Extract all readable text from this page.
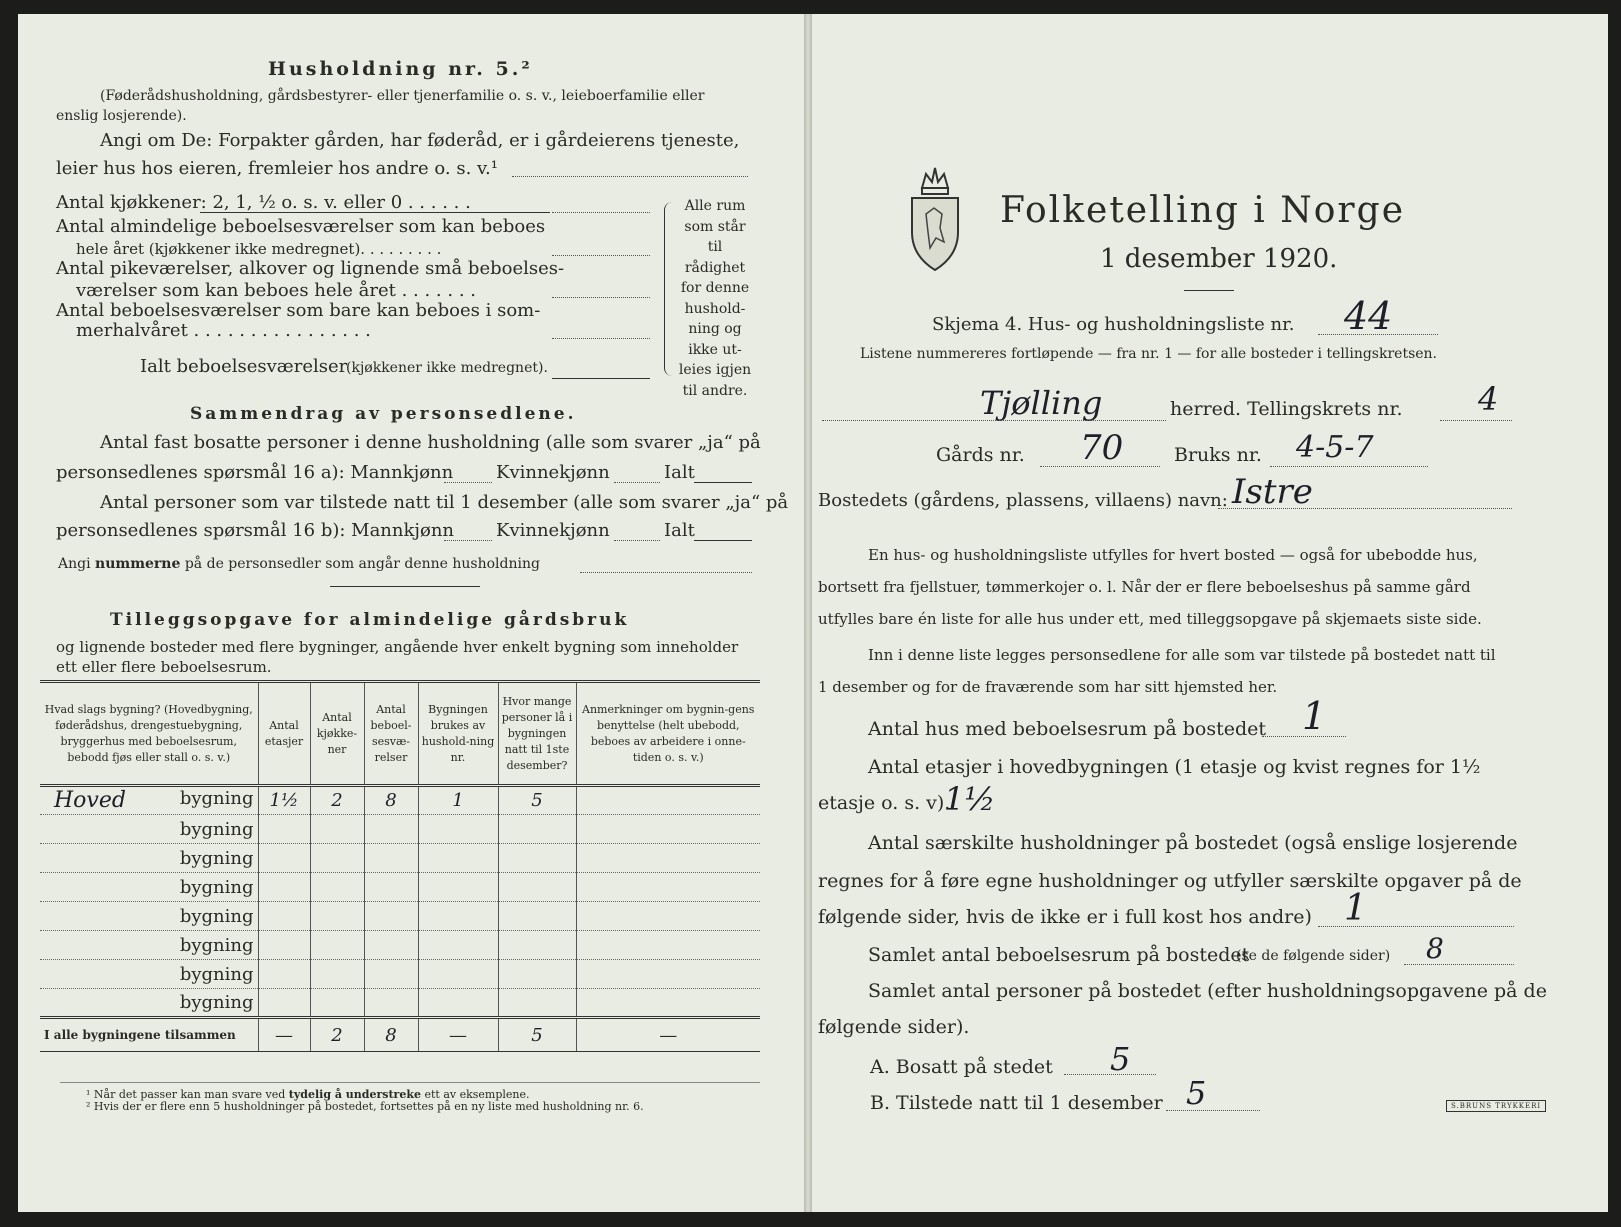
Husholdning nr. 5.²
(Føderådshusholdning, gårdsbestyrer- eller tjenerfamilie o. s. v., leieboerfamilie eller
enslig losjerende).
Angi om De: Forpakter gården, har føderåd, er i gårdeierens tjeneste,
leier hus hos eieren, fremleier hos andre o. s. v.¹
Antal kjøkkener: 2, 1, ½ o. s. v. eller 0 . . . . . .
Antal almindelige beboelsesværelser som kan beboes
hele året (kjøkkener ikke medregnet). . . . . . . . .
Antal pikeværelser, alkover og lignende små beboelses-
værelser som kan beboes hele året . . . . . . .
Antal beboelsesværelser som bare kan beboes i som-
merhalvåret . . . . . . . . . . . . . . . .
Ialt beboelsesværelser
(kjøkkener ikke medregnet).
Alle rum
som står til
rådighet
for denne
hushold-
ning og
ikke ut-
leies igjen
til andre.
Sammendrag av personsedlene.
Antal fast bosatte personer i denne husholdning (alle som svarer „ja“ på
personsedlenes spørsmål 16 a): Mannkjønn Kvinnekjønn	Ialt
Antal personer som var tilstede natt til 1 desember (alle som svarer „ja“ på
personsedlenes spørsmål 16 b): Mannkjønn Kvinnekjønn	Ialt
Angi nummerne på de personsedler som angår denne husholdning
Tilleggsopgave for almindelige gårdsbruk
og lignende bosteder med flere bygninger, angående hver enkelt bygning som inneholder
ett eller flere beboelsesrum.
Hvad slags bygning? (Hovedbygning, føderådshus, drengestuebygning, bryggerhus med beboelsesrum, bebodd fjøs eller stall o. s. v.)	Antal etasjer	Antal kjøkke-ner	Antal beboel-sesvæ-relser	Bygningen brukes av hushold-ning nr.	Hvor mange personer lå i bygningen natt til 1ste desember?	Anmerkninger om bygnin-gens benyttelse (helt ubebodd, beboes av arbeidere i onne-tiden o. s. v.)

Hoved bygning	1½	2	8	1	5	

bygning						

bygning						

bygning						

bygning						

bygning						

bygning						

bygning						
I alle bygningene tilsammen	—	2	8	—	5	—
¹ Når det passer kan man svare ved tydelig å understreke ett av eksemplene.
² Hvis der er flere enn 5 husholdninger på bostedet, fortsettes på en ny liste med husholdning nr. 6.
Folketelling i Norge
1 desember 1920.
Skjema 4. Hus- og husholdningsliste nr. 44
Listene nummereres fortløpende — fra nr. 1 — for alle bosteder i tellingskretsen.
Tjølling	herred. Tellingskrets nr. 4
Gårds nr. 70	Bruks nr. 4-5-7
Bostedets (gårdens, plassens, villaens) navn: Istre
En hus- og husholdningsliste utfylles for hvert bosted — også for ubebodde hus,
bortsett fra fjellstuer, tømmerkojer o. l. Når der er flere beboelseshus på samme gård
utfylles bare én liste for alle hus under ett, med tilleggsopgave på skjemaets siste side.
Inn i denne liste legges personsedlene for alle som var tilstede på bostedet natt til
1 desember og for de fraværende som har sitt hjemsted her.
Antal hus med beboelsesrum på bostedet 1
Antal etasjer i hovedbygningen (1 etasje og kvist regnes for 1½
etasje o. s. v).
1½
Antal særskilte husholdninger på bostedet (også enslige losjerende
regnes for å føre egne husholdninger og utfyller særskilte opgaver på de
følgende sider, hvis de ikke er i full kost hos andre) 1
Samlet antal beboelsesrum på bostedet
(se de følgende sider) 8
Samlet antal personer på bostedet (efter husholdningsopgavene på de
følgende sider).
A. Bosatt på stedet 5
B. Tilstede natt til 1 desember 5	S.BRUNS TRYKKERI
